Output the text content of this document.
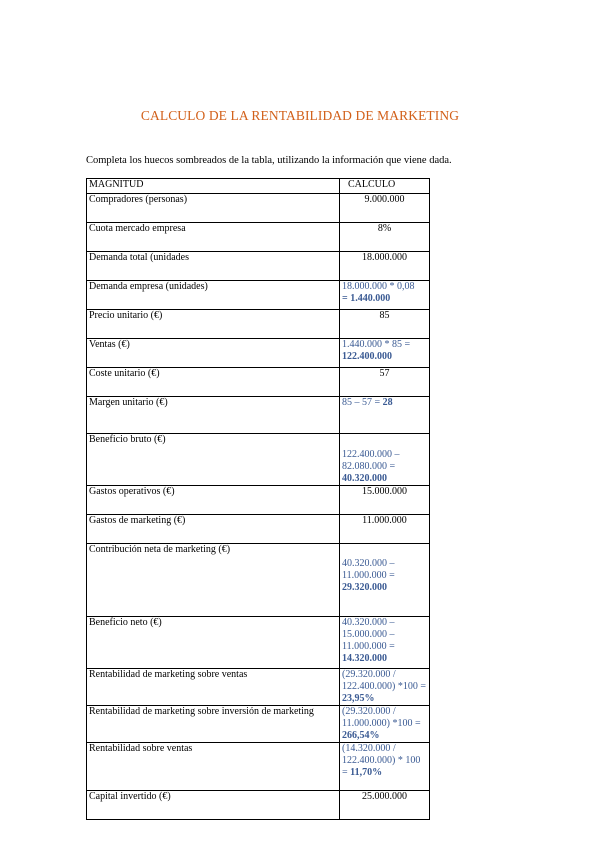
CALCULO DE LA RENTABILIDAD DE MARKETING
Completa los huecos sombreados de la tabla, utilizando la información que viene dada.
MAGNITUD	CALCULO
Compradores (personas)	9.000.000
Cuota mercado empresa	8%
Demanda total (unidades	18.000.000
Demanda empresa (unidades)	18.000.000 * 0,08
= 1.440.000

Precio unitario (€)	85
Ventas (€)	1.440.000 * 85 =
122.400.000

Coste unitario (€)	57
Margen unitario (€)	85 – 57 = 28
Beneficio bruto (€)	122.400.000 – 82.080.000 =
40.320.000

Gastos operativos (€)	15.000.000
Gastos de marketing (€)	11.000.000
Contribución neta de marketing (€)	40.320.000 – 11.000.000 =
29.320.000

Beneficio neto (€)	40.320.000 – 15.000.000 – 11.000.000 =
14.320.000

Rentabilidad de marketing sobre ventas	(29.320.000 / 122.400.000) *100 = 23,95%
Rentabilidad de marketing sobre inversión de marketing	(29.320.000 / 11.000.000) *100 = 266,54%
Rentabilidad sobre ventas	(14.320.000 / 122.400.000) * 100 = 11,70%
Capital invertido (€)	25.000.000
